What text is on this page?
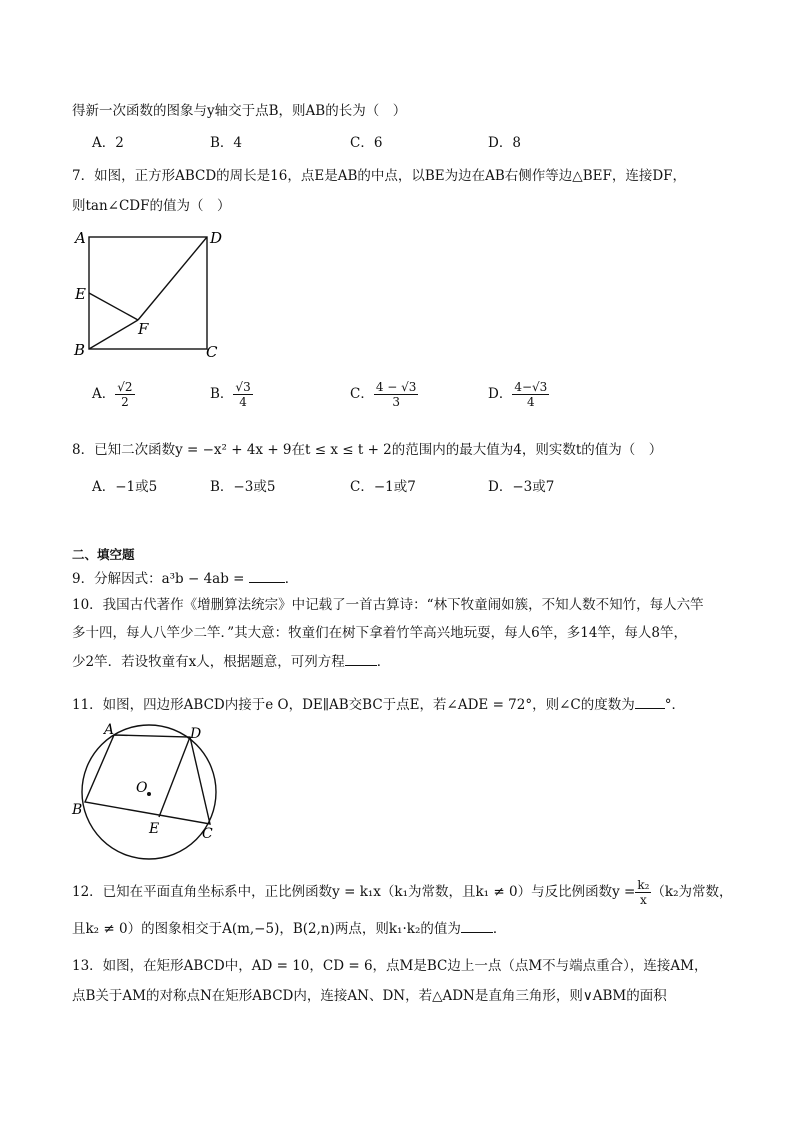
得新一次函数的图象与y轴交于点B，则AB的长为（　）
A．2	B．4	C．6	D．8
7．如图，正方形ABCD的周长是16，点E是AB的中点，以BE为边在AB右侧作等边△BEF，连接DF，
则tan∠CDF的值为（　）
A	D
E
F
B	C
A． $\frac{√2}{2}$	B． $\frac{√3}{4}$	C． $\frac{4 - √3}{3}$	D． $\frac{4-√3}{4}$
8．已知二次函数y = −x² + 4x + 9在t ≤ x ≤ t + 2的范围内的最大值为4，则实数t的值为（　）
A．−1或5	B．−3或5	C．−1或7	D．−3或7
二、填空题
9．分解因式：a³b − 4ab =	．
10．我国古代著作《增删算法统宗》中记载了一首古算诗：“林下牧童闹如簇，不知人数不知竹，每人六竿
多十四，每人八竿少二竿．”其大意：牧童们在树下拿着竹竿高兴地玩耍，每人6竿，多14竿，每人8竿，
少2竿．若设牧童有x人，根据题意，可列方程 ．
11．如图，四边形ABCD内接于e O，DE∥AB交BC于点E，若∠ADE = 72°，则∠C的度数为 °．
A	D
O
B
E	C
12．已知在平面直角坐标系中，正比例函数y = k₁x（k₁为常数，且k₁ ≠ 0）与反比例函数$y = \frac{\text{k₂}}{x} (k_2$为常数，
且k₂ ≠ 0）的图象相交于A(m,−5)，B(2,n)两点，则k₁·k₂的值为 ．
13．如图，在矩形ABCD中，AD = 10，CD = 6，点M是BC边上一点（点M不与端点重合），连接AM，
点B关于AM的对称点N在矩形ABCD内，连接AN、DN，若△ADN是直角三角形，则∨ABM的面积
